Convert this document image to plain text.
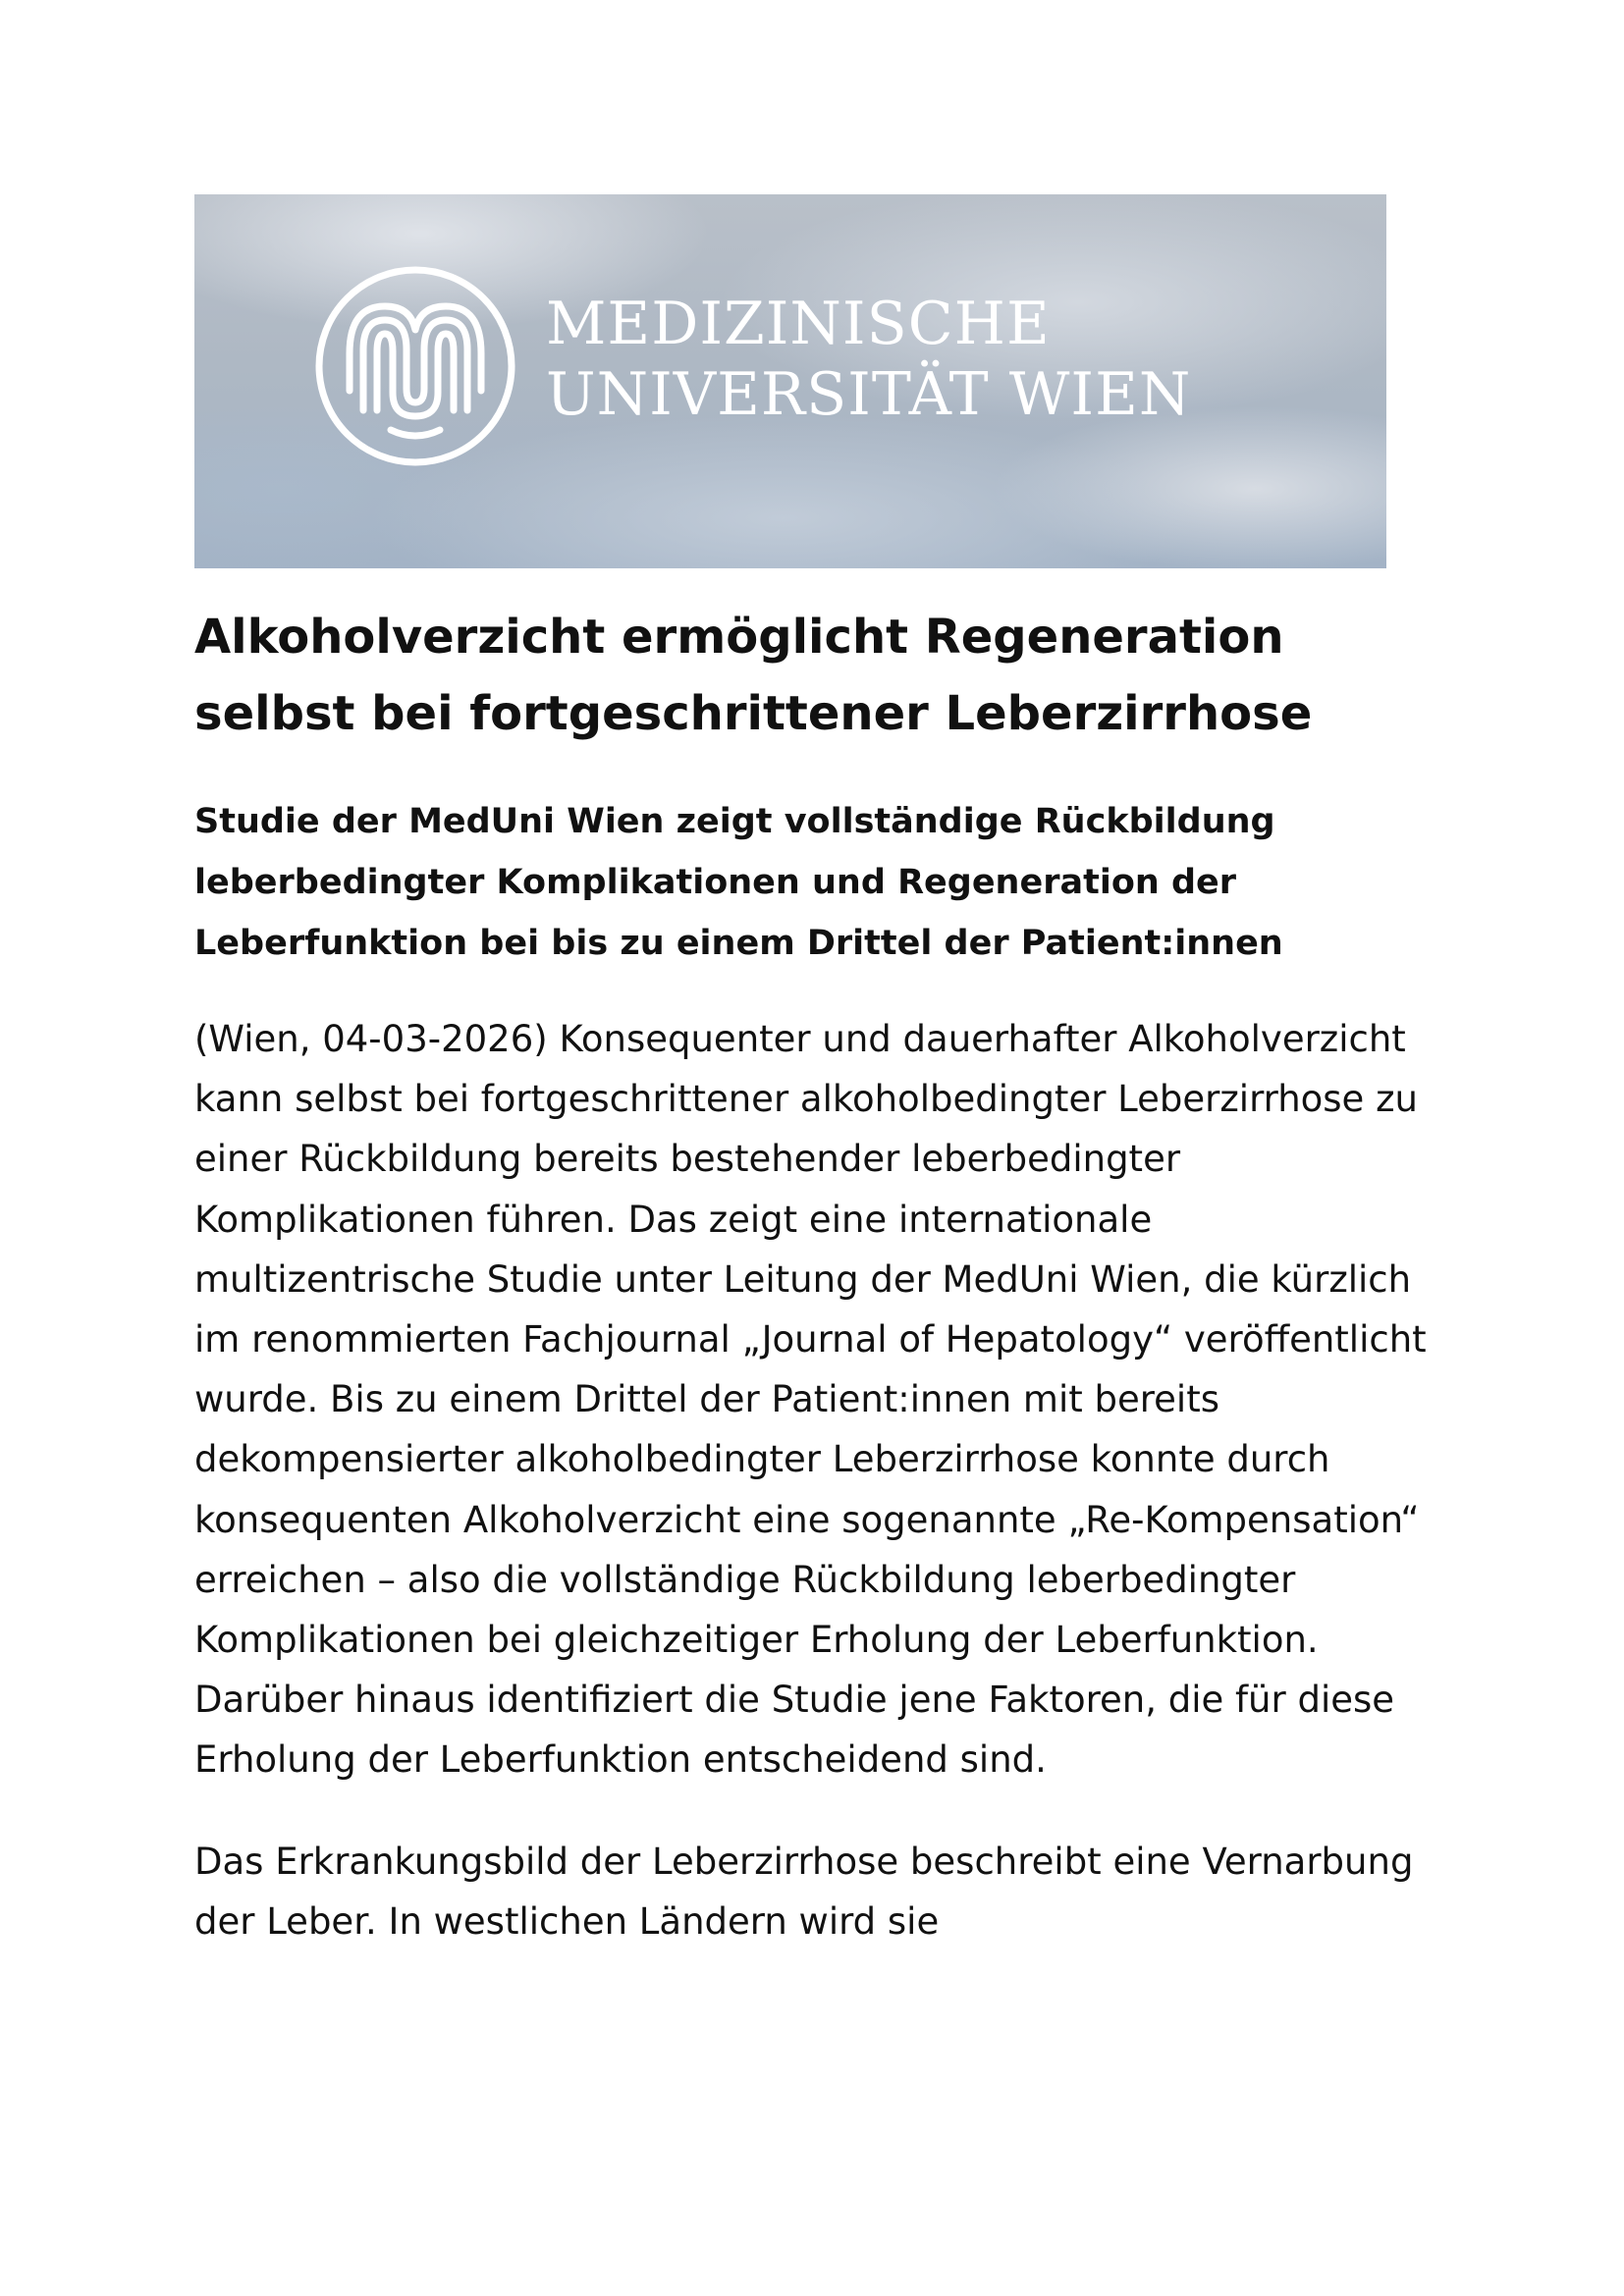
MEDIZINISCHE
UNIVERSITÄT WIEN
Alkoholverzicht ermöglicht Regeneration selbst bei fortgeschrittener Leberzirrhose
Studie der MedUni Wien zeigt vollständige Rückbildung leberbedingter Komplikationen und Regeneration der Leberfunktion bei bis zu einem Drittel der Patient:innen

(Wien, 04-03-2026) Konsequenter und dauerhafter Alkoholverzicht kann selbst bei fortgeschrittener alkoholbedingter Leberzirrhose zu einer Rückbildung bereits bestehender leberbedingter Komplikationen führen. Das zeigt eine internationale multizentrische Studie unter Leitung der MedUni Wien, die kürzlich im renommierten Fachjournal „Journal of Hepatology“ veröffentlicht wurde. Bis zu einem Drittel der Patient:innen mit bereits dekompensierter alkoholbedingter Leberzirrhose konnte durch konsequenten Alkoholverzicht eine sogenannte „Re-Kompensation“ erreichen – also die vollständige Rückbildung leberbedingter Komplikationen bei gleichzeitiger Erholung der Leberfunktion. Darüber hinaus identifiziert die Studie jene Faktoren, die für diese Erholung der Leberfunktion entscheidend sind.

Das Erkrankungsbild der Leberzirrhose beschreibt eine Vernarbung der Leber. In westlichen Ländern wird sie
